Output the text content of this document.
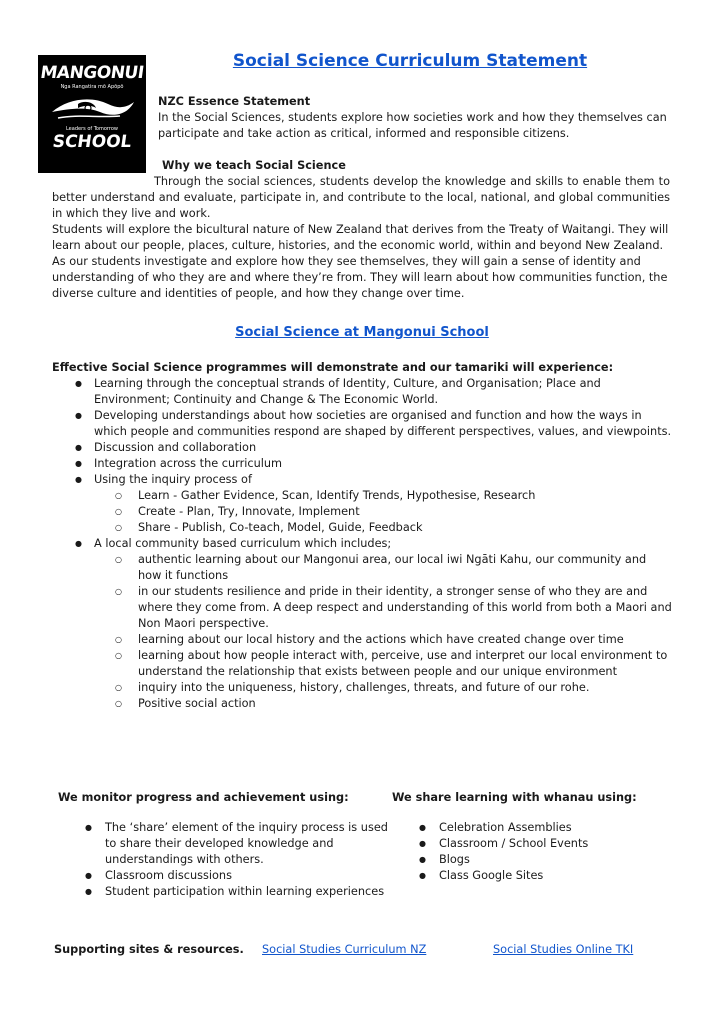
MANGONUI
Nga Rangatira mō Apōpō
Leaders of Tomorrow
SCHOOL
Social Science Curriculum Statement
NZC Essence Statement
In the Social Sciences, students explore how societies work and how they themselves can participate and take action as critical, informed and responsible citizens.
Why we teach Social Science
Through the social sciences, students develop the knowledge and skills to enable them to better understand and evaluate, participate in, and contribute to the local, national, and global communities in which they live and work.
Students will explore the bicultural nature of New Zealand that derives from the Treaty of Waitangi. They will learn about our people, places, culture, histories, and the economic world, within and beyond New Zealand. As our students investigate and explore how they see themselves, they will gain a sense of identity and understanding of who they are and where they’re from. They will learn about how communities function, the diverse culture and identities of people, and how they change over time.
Social Science at Mangonui School
Effective Social Science programmes will demonstrate and our tamariki will experience:
● Learning through the conceptual strands of Identity, Culture, and Organisation; Place and Environment; Continuity and Change & The Economic World.
● Developing understandings about how societies are organised and function and how the ways in which people and communities respond are shaped by different perspectives, values, and viewpoints.
● Discussion and collaboration
● Integration across the curriculum
● Using the inquiry process of
○ Learn - Gather Evidence, Scan, Identify Trends, Hypothesise, Research
○ Create - Plan, Try, Innovate, Implement
○ Share - Publish, Co-teach, Model, Guide, Feedback
● A local community based curriculum which includes;
○ authentic learning about our Mangonui area, our local iwi Ngāti Kahu, our community and how it functions
○ in our students resilience and pride in their identity, a stronger sense of who they are and where they come from. A deep respect and understanding of this world from both a Maori and Non Maori perspective.
○ learning about our local history and the actions which have created change over time
○ learning about how people interact with, perceive, use and interpret our local environment to understand the relationship that exists between people and our unique environment
○ inquiry into the uniqueness, history, challenges, threats, and future of our rohe.
○ Positive social action
We monitor progress and achievement using:
● The ‘share’ element of the inquiry process is used to share their developed knowledge and understandings with others.
● Classroom discussions
● Student participation within learning experiences
We share learning with whanau using:
● Celebration Assemblies
● Classroom / School Events
● Blogs
● Class Google Sites
Supporting sites & resources. Social Studies Curriculum NZ	Social Studies Online TKI
